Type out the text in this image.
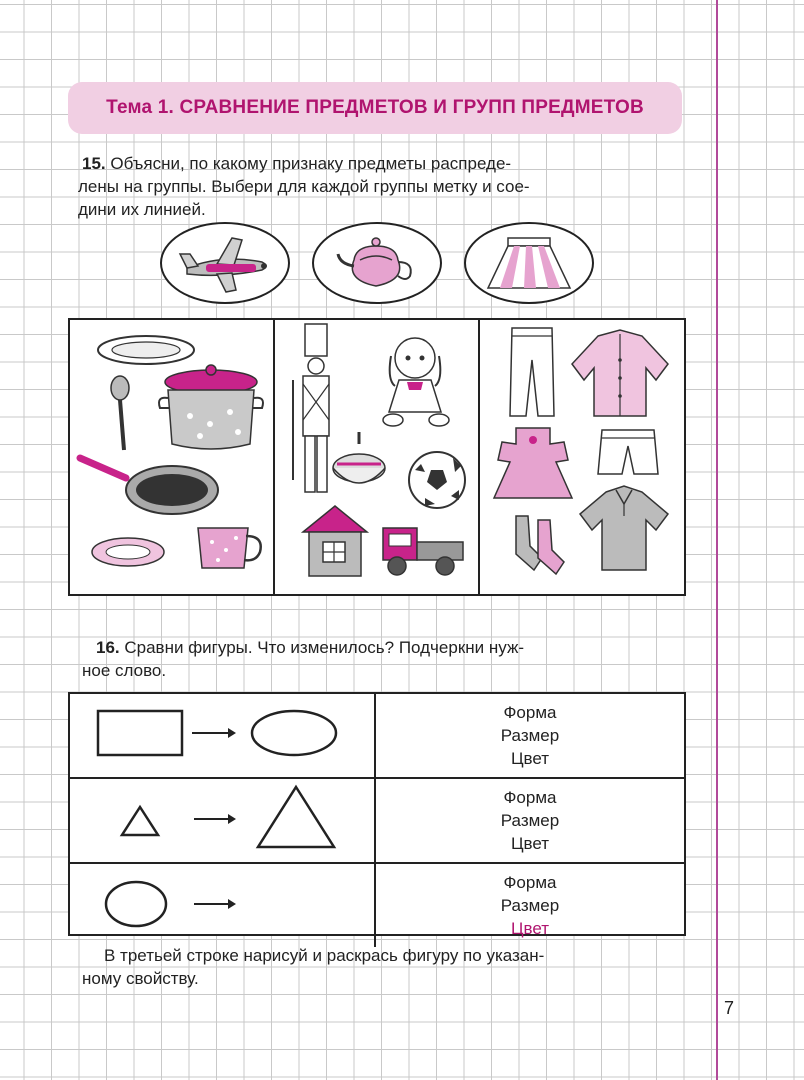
Тема 1. СРАВНЕНИЕ ПРЕДМЕТОВ И ГРУПП ПРЕДМЕТОВ
15. Объясни, по какому признаку предметы распреде-
лены на группы. Выбери для каждой группы метку и сое-
дини их линией.
16. Сравни фигуры. Что изменилось? Подчеркни нуж-
ное слово.
Форма
Размер
Цвет
Форма
Размер
Цвет
Форма
Размер
Цвет
В третьей строке нарисуй и раскрась фигуру по указан-
ному свойству.
7
